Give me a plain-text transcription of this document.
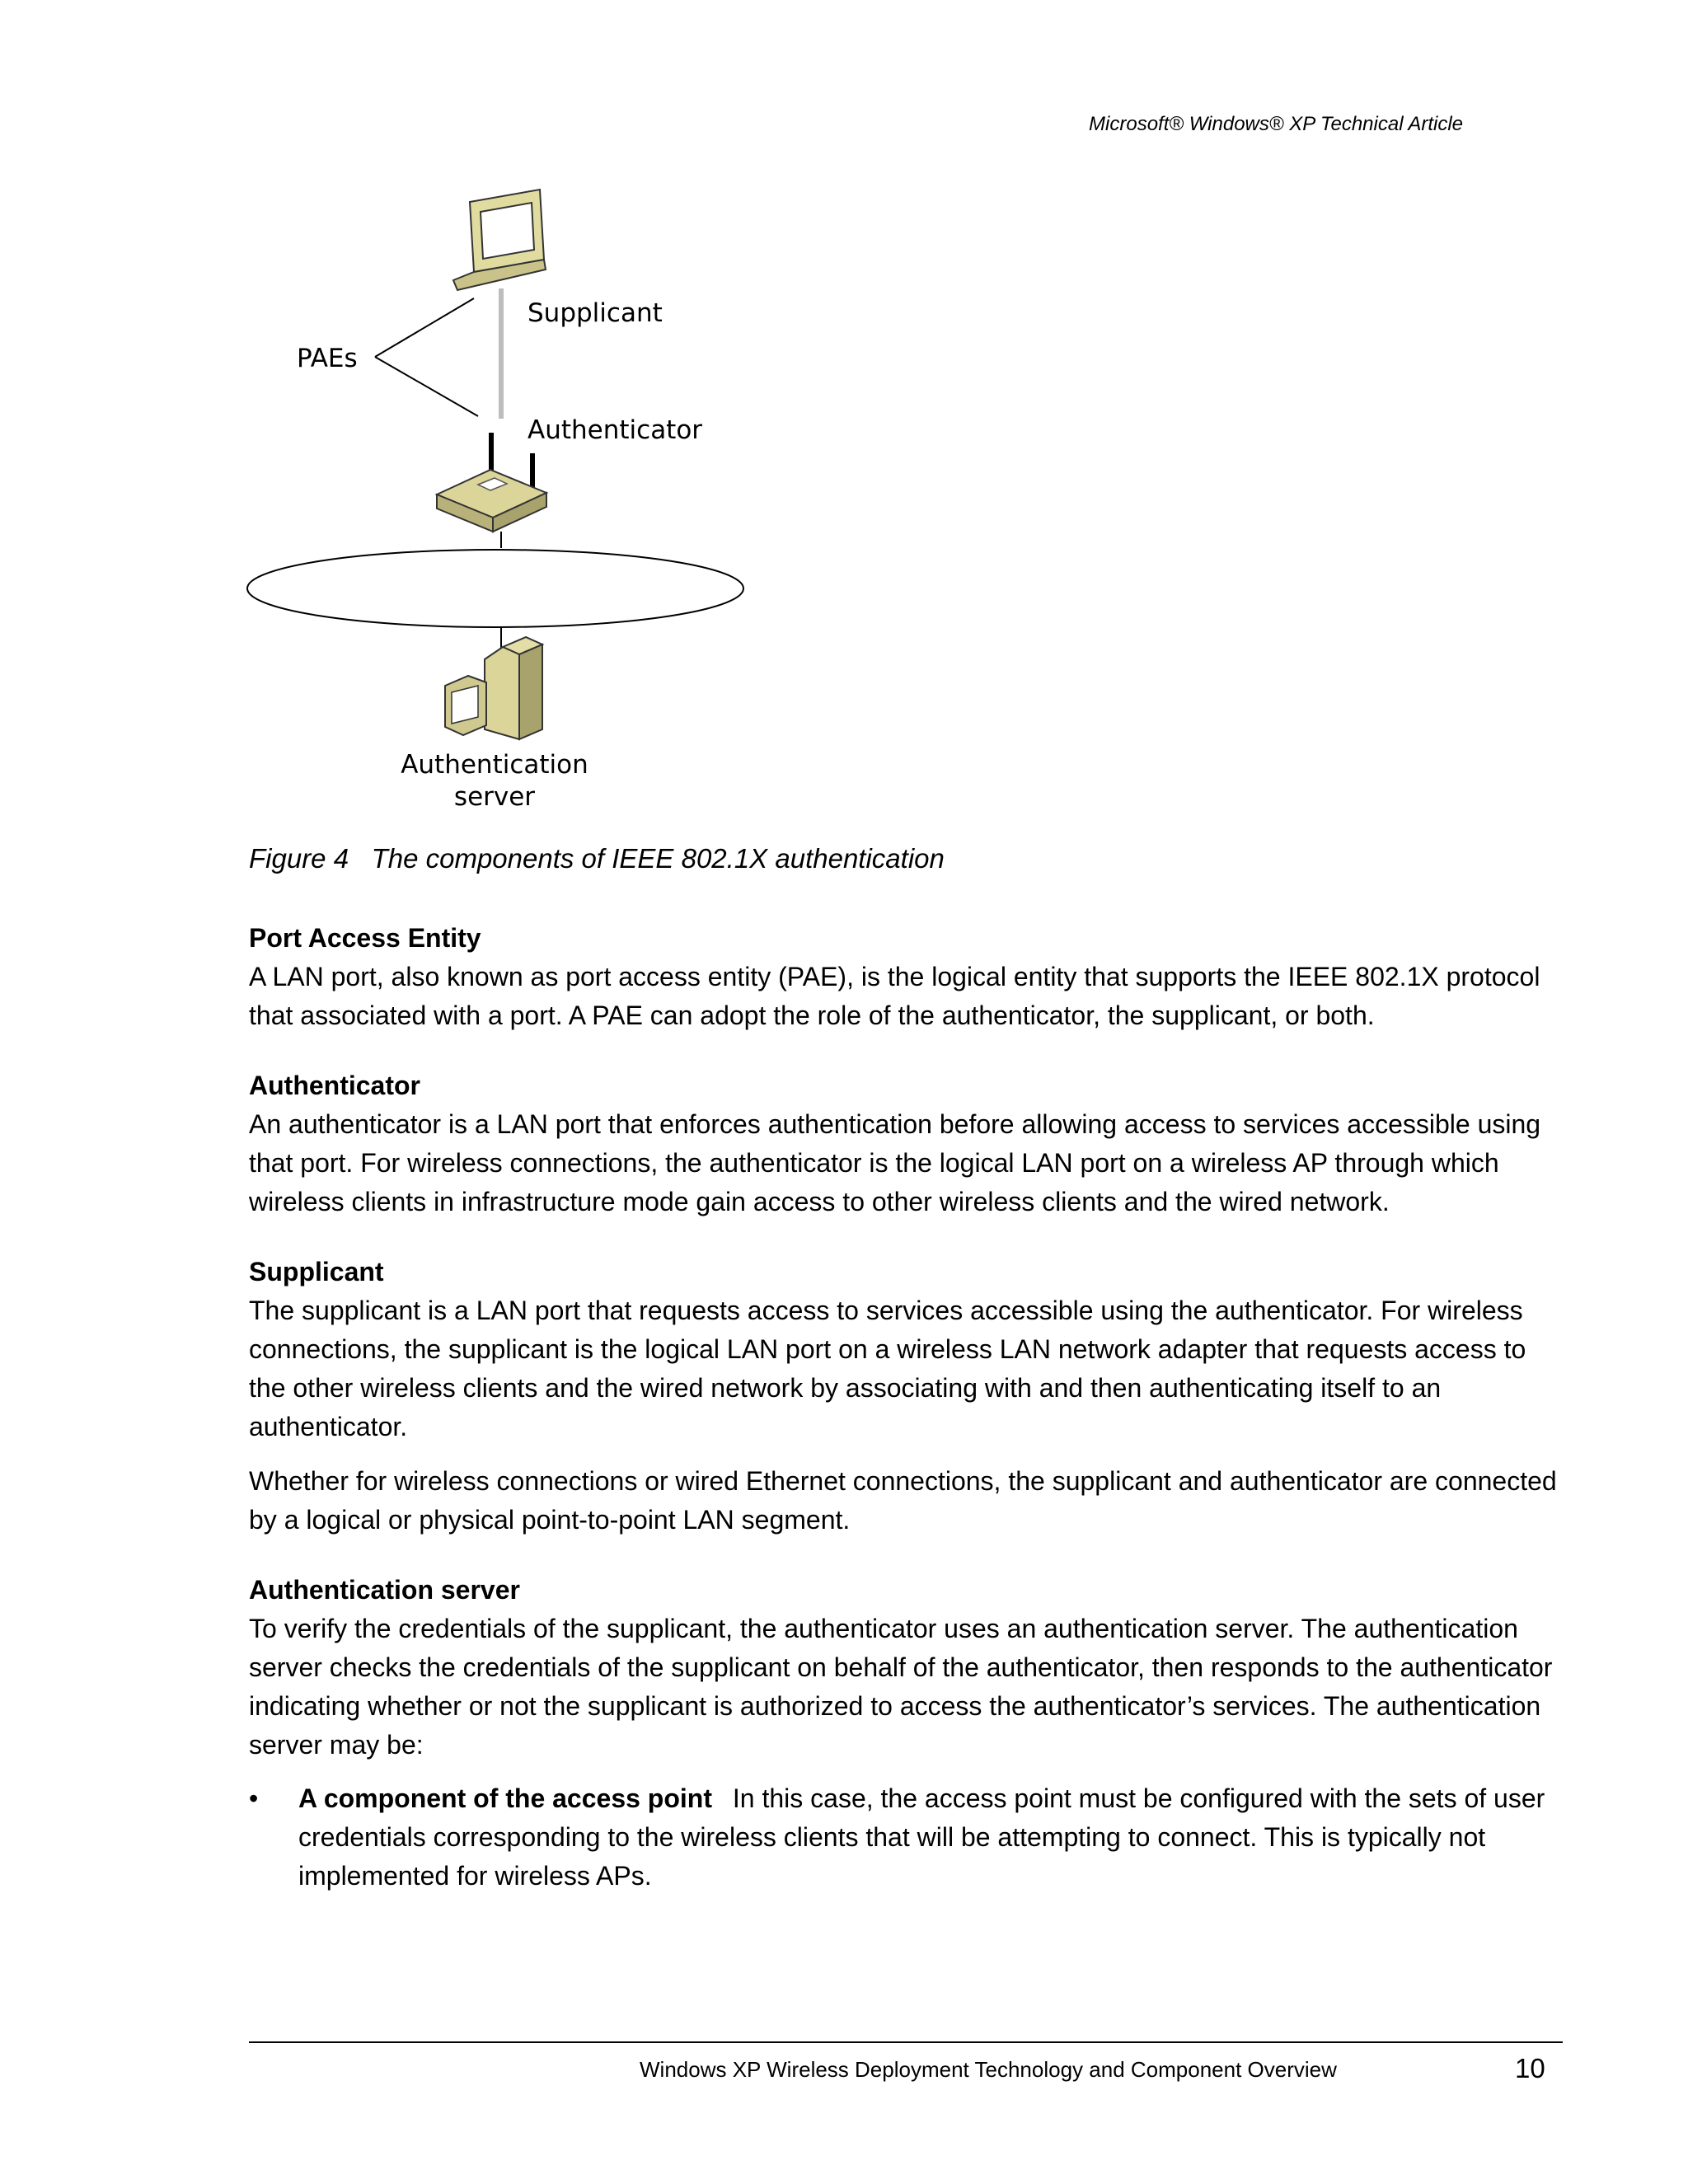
Microsoft® Windows® XP Technical Article

Supplicant
PAEs
Authenticator
Authentication
server

Figure 4   The components of IEEE 802.1X authentication

Port Access Entity

A LAN port, also known as port access entity (PAE), is the logical entity that supports the IEEE 802.1X protocol that associated with a port. A PAE can adopt the role of the authenticator, the supplicant, or both.

Authenticator

An authenticator is a LAN port that enforces authentication before allowing access to services accessible using that port. For wireless connections, the authenticator is the logical LAN port on a wireless AP through which wireless clients in infrastructure mode gain access to other wireless clients and the wired network.

Supplicant

The supplicant is a LAN port that requests access to services accessible using the authenticator. For wireless connections, the supplicant is the logical LAN port on a wireless LAN network adapter that requests access to the other wireless clients and the wired network by associating with and then authenticating itself to an authenticator.

Whether for wireless connections or wired Ethernet connections, the supplicant and authenticator are connected by a logical or physical point-to-point LAN segment.

Authentication server

To verify the credentials of the supplicant, the authenticator uses an authentication server. The authentication server checks the credentials of the supplicant on behalf of the authenticator, then responds to the authenticator indicating whether or not the supplicant is authorized to access the authenticator’s services. The authentication server may be:

• A component of the access point In this case, the access point must be configured with the sets of user credentials corresponding to the wireless clients that will be attempting to connect. This is typically not implemented for wireless APs.

Windows XP Wireless Deployment Technology and Component Overview	10
